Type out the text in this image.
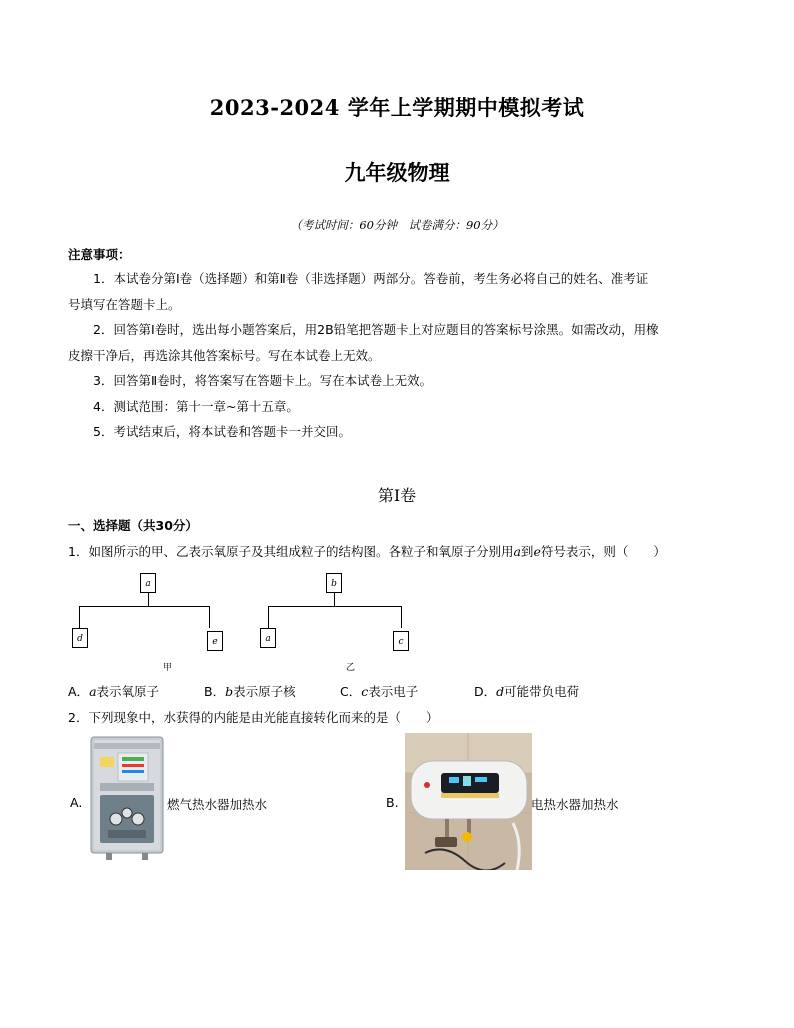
2023-2024 学年上学期期中模拟考试
九年级物理
（考试时间：60分钟　试卷满分：90分）
注意事项：
1．本试卷分第Ⅰ卷（选择题）和第Ⅱ卷（非选择题）两部分。答卷前，考生务必将自己的姓名、准考证
号填写在答题卡上。
2．回答第Ⅰ卷时，选出每小题答案后，用2B铅笔把答题卡上对应题目的答案标号涂黑。如需改动，用橡
皮擦干净后，再选涂其他答案标号。写在本试卷上无效。
3．回答第Ⅱ卷时，将答案写在答题卡上。写在本试卷上无效。
4．测试范围：第十一章~第十五章。
5．考试结束后，将本试卷和答题卡一并交回。
第Ⅰ卷
一、选择题（共30分）
1．如图所示的甲、乙表示氧原子及其组成粒子的结构图。各粒子和氧原子分别用a到e符号表示，则（　　）
a
d	e
甲
b
a	c
乙
A．a表示氧原子	B．b表示原子核	C．c表示电子	D．d可能带负电荷
2．下列现象中，水获得的内能是由光能直接转化而来的是（　　）
A.	燃气热水器加热水	B.	电热水器加热水
